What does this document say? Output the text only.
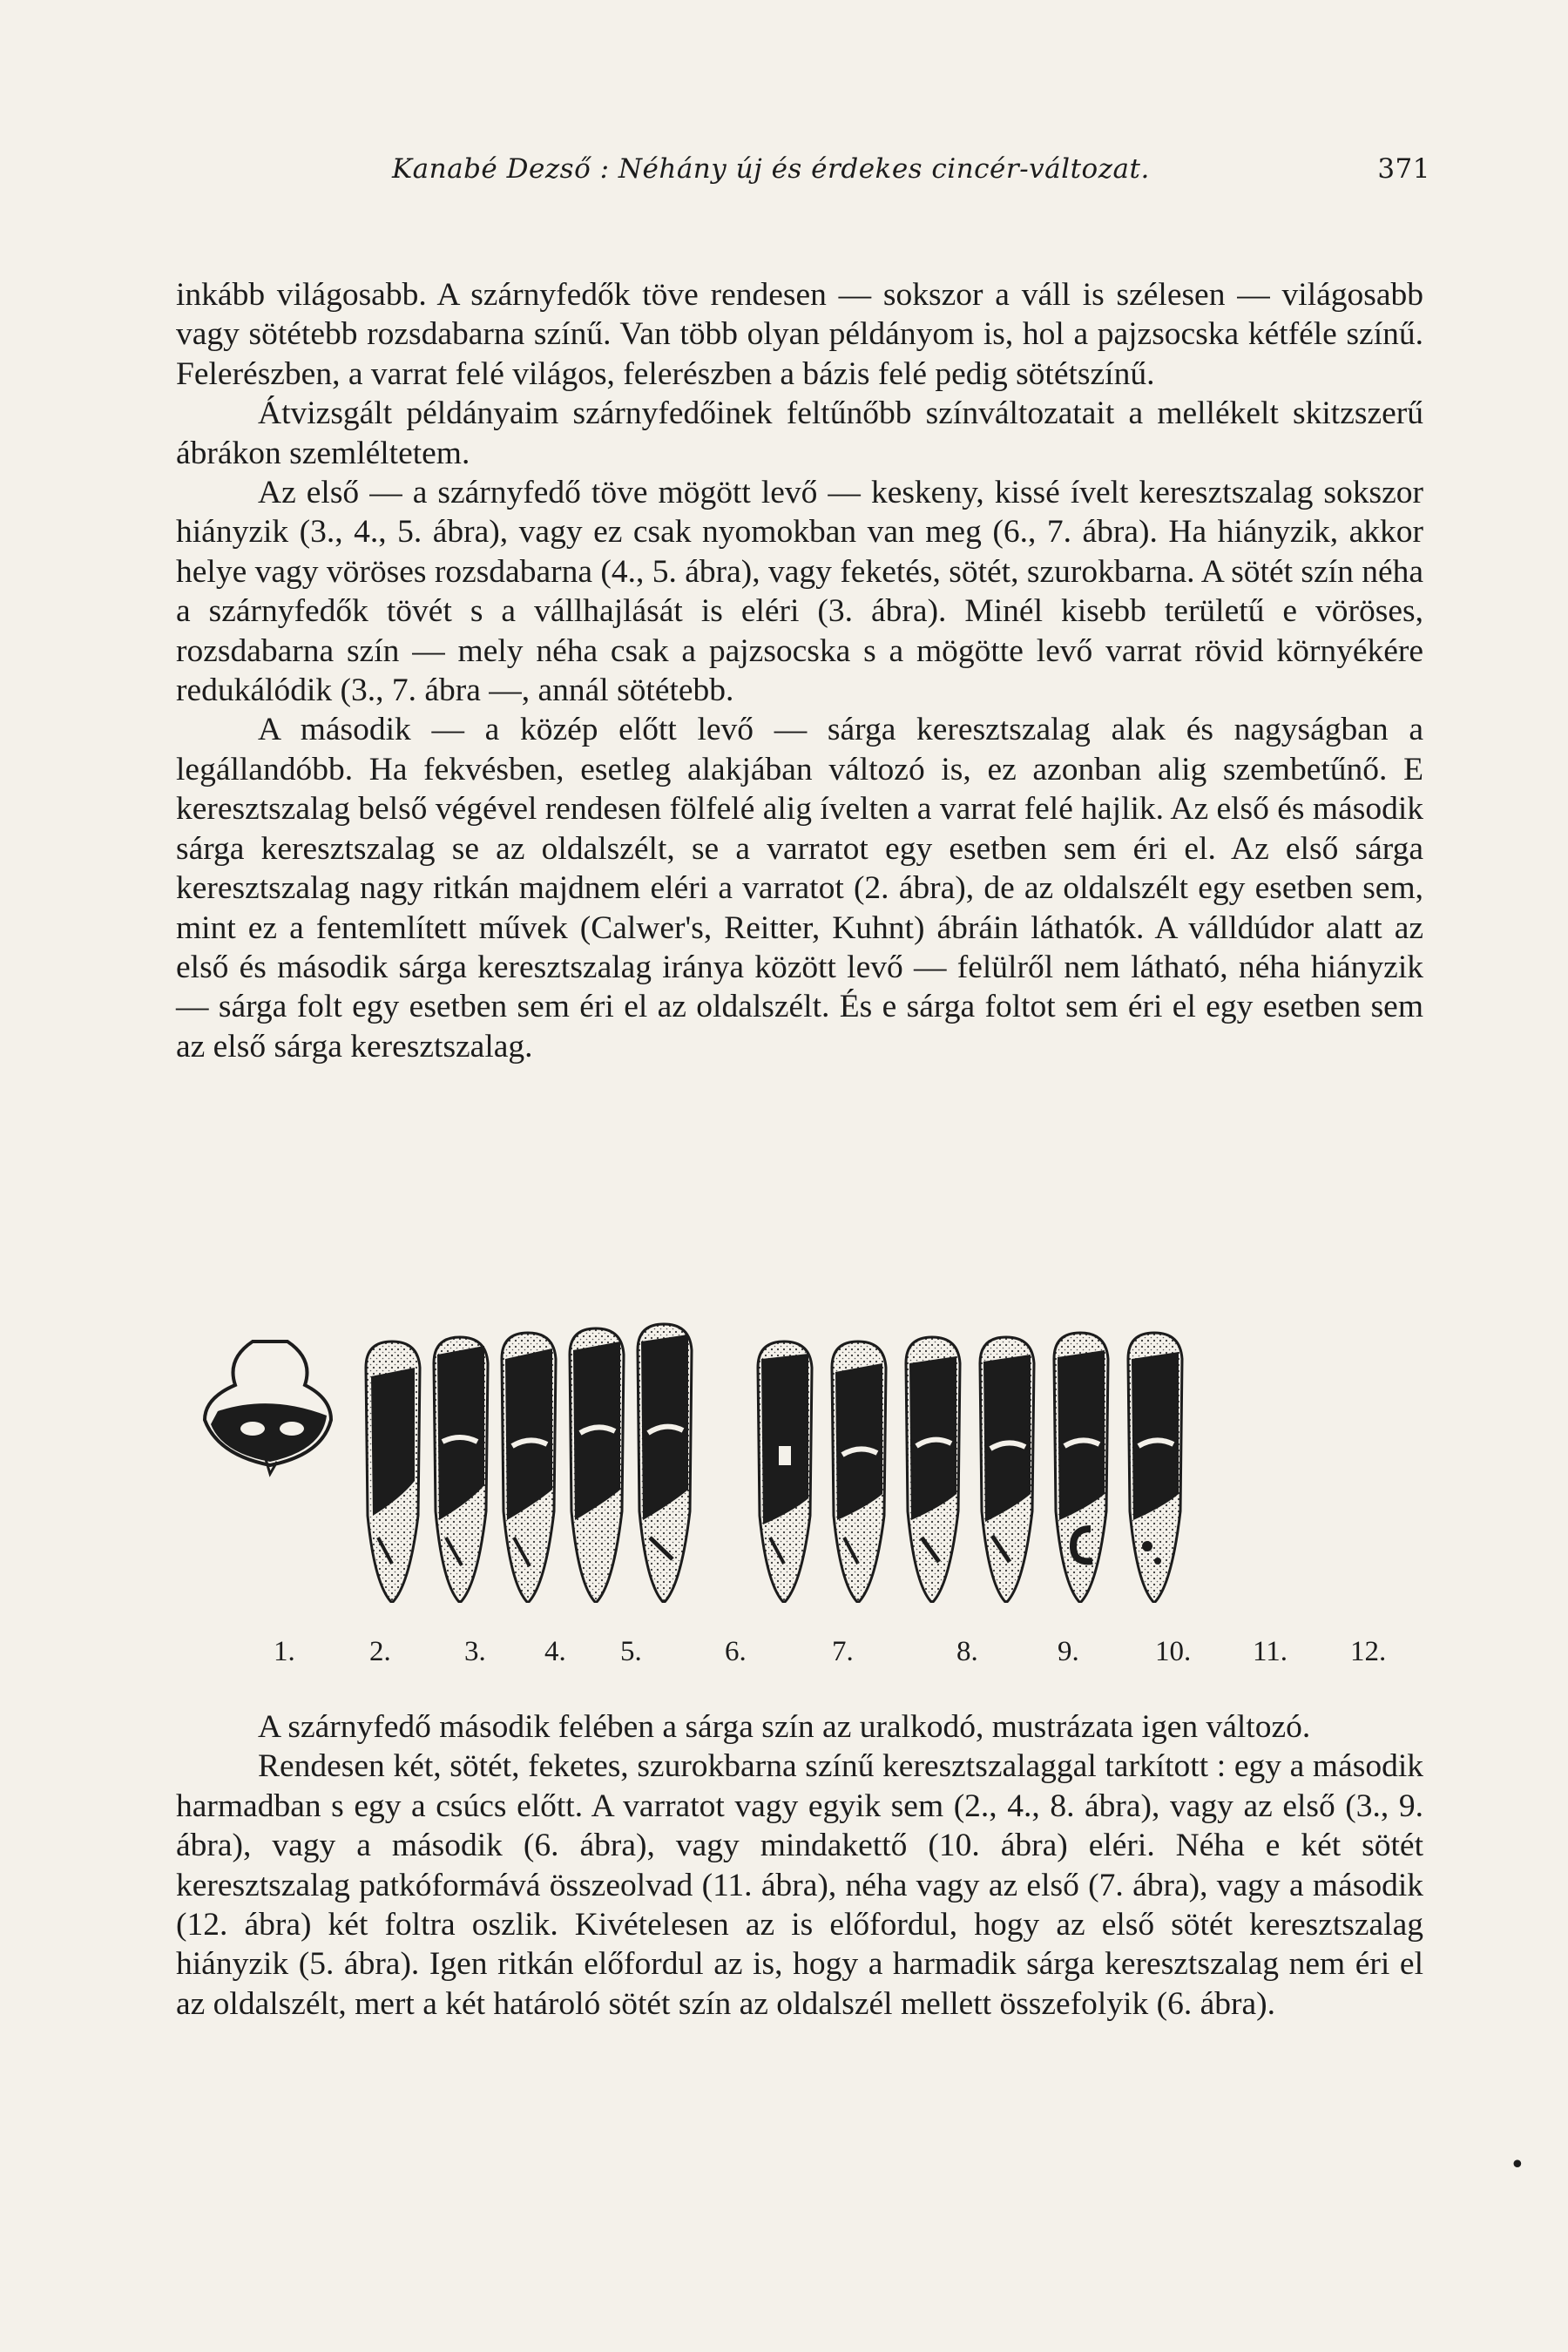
Kanabé Dezső : Néhány új és érdekes cincér-változat.	371

inkább világosabb. A szárnyfedők töve rendesen — sokszor a váll is szélesen — világosabb vagy sötétebb rozsdabarna színű. Van több olyan példányom is, hol a pajzsocska kétféle színű. Felerészben, a varrat felé világos, felerészben a bázis felé pedig sötétszínű.

Átvizsgált példányaim szárnyfedőinek feltűnőbb színváltozatait a mellékelt skitzszerű ábrákon szemléltetem.

Az első — a szárnyfedő töve mögött levő — keskeny, kissé ívelt keresztszalag sokszor hiányzik (3., 4., 5. ábra), vagy ez csak nyomokban van meg (6., 7. ábra). Ha hiányzik, akkor helye vagy vöröses rozsdabarna (4., 5. ábra), vagy feketés, sötét, szurokbarna. A sötét szín néha a szárnyfedők tövét s a vállhajlását is eléri (3. ábra). Minél kisebb területű e vöröses, rozsdabarna szín — mely néha csak a pajzsocska s a mögötte levő varrat rövid környékére redukálódik (3., 7. ábra —, annál sötétebb.

A második — a közép előtt levő — sárga keresztszalag alak és nagyságban a legállandóbb. Ha fekvésben, esetleg alakjában változó is, ez azonban alig szembetűnő. E keresztszalag belső végével rendesen fölfelé alig ívelten a varrat felé hajlik. Az első és második sárga keresztszalag se az oldalszélt, se a varratot egy esetben sem éri el. Az első sárga keresztszalag nagy ritkán majdnem eléri a varratot (2. ábra), de az oldalszélt egy esetben sem, mint ez a fentemlített művek (Calwer's, Reitter, Kuhnt) ábráin láthatók. A válldúdor alatt az első és második sárga keresztszalag iránya között levő — felülről nem látható, néha hiányzik — sárga folt egy esetben sem éri el az oldalszélt. És e sárga foltot sem éri el egy esetben sem az első sárga keresztszalag.

1.	2.	3. 4. 5.	6.	7.	8.	9.	10. 11. 12.

A szárnyfedő második felében a sárga szín az uralkodó, mustrázata igen változó.

Rendesen két, sötét, feketes, szurokbarna színű keresztszalaggal tarkított : egy a második harmadban s egy a csúcs előtt. A varratot vagy egyik sem (2., 4., 8. ábra), vagy az első (3., 9. ábra), vagy a második (6. ábra), vagy mindakettő (10. ábra) eléri. Néha e két sötét keresztszalag patkóformává összeolvad (11. ábra), néha vagy az első (7. ábra), vagy a második (12. ábra) két foltra oszlik. Kivételesen az is előfordul, hogy az első sötét keresztszalag hiányzik (5. ábra). Igen ritkán előfordul az is, hogy a harmadik sárga keresztszalag nem éri el az oldalszélt, mert a két határoló sötét szín az oldalszél mellett összefolyik (6. ábra).

•
